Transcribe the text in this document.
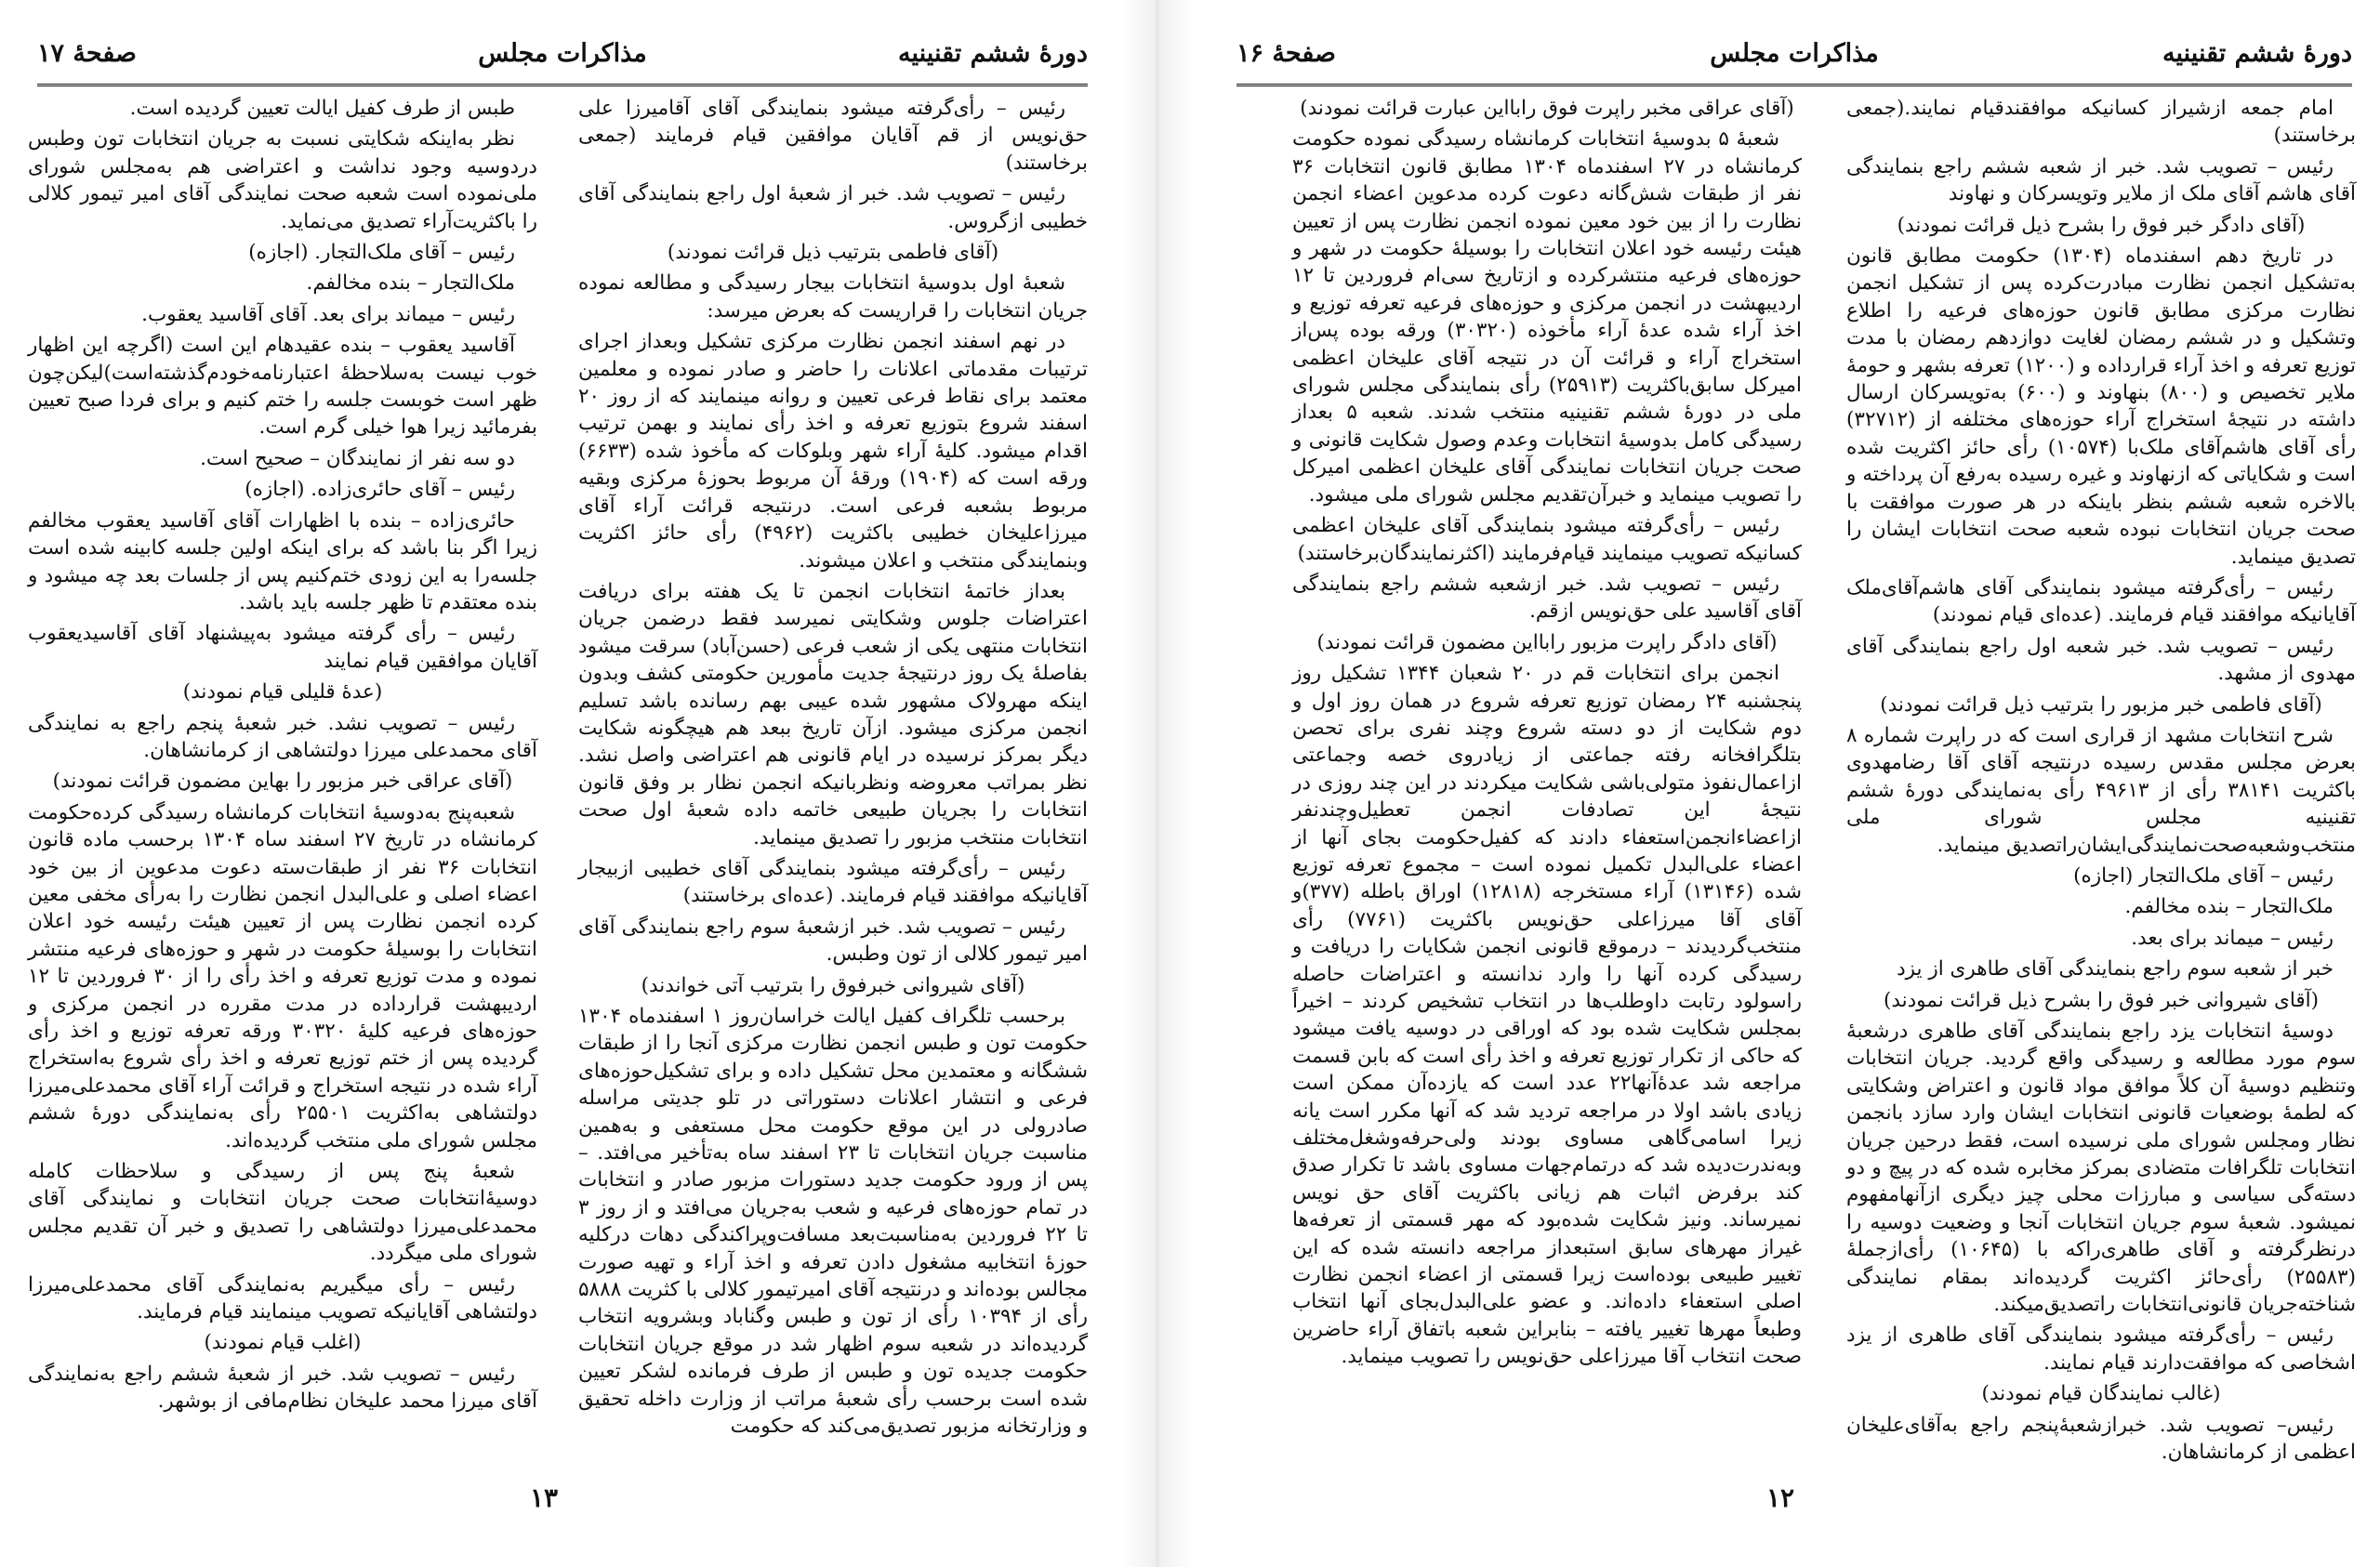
دورهٔ ششم تقنینیه
مذاکرات مجلس
صفحهٔ ۱۷

رئیس – رأی‌گرفته میشود بنمایندگی آقای آقامیرزا علی حق‌نویس از قم آقایان موافقین قیام فرمایند (جمعی برخاستند)

رئیس – تصویب شد. خبر از شعبهٔ اول راجع بنمایندگی آقای خطیبی ازگروس.

(آقای فاطمی بترتیب ذیل قرائت نمودند)

شعبهٔ اول بدوسیهٔ انتخابات بیجار رسیدگی و مطالعه نموده جریان انتخابات را قراریست که بعرض میرسد:

در نهم اسفند انجمن نظارت مرکزی تشکیل وبعداز اجرای ترتیبات مقدماتی اعلانات را حاضر و صادر نموده و معلمین معتمد برای نقاط فرعی تعیین و روانه مینمایند که از روز ۲۰ اسفند شروع بتوزیع تعرفه و اخذ رأی نمایند و بهمن ترتیب اقدام میشود. کلیهٔ آراء شهر وبلوکات که مأخوذ شده (۶۶۳۳) ورقه است که (۱۹۰۴) ورقهٔ آن مربوط بحوزهٔ مرکزی وبقیه مربوط بشعبه فرعی است. درنتیجه قرائت آراء آقای میرزاعلیخان خطیبی باکثریت (۴۹۶۲) رأی حائز اکثریت وبنمایندگی منتخب و اعلان میشوند.

بعداز خاتمهٔ انتخابات انجمن تا یک هفته برای دریافت اعتراضات جلوس وشکایتی نمیرسد فقط درضمن جریان انتخابات منتهی یکی از شعب فرعی (حسن‌آباد) سرقت میشود بفاصلهٔ یک روز درنتیجهٔ جدیت مأمورین حکومتی کشف وبدون اینکه مهرولاک مشهور شده عیبی بهم رسانده باشد تسلیم انجمن مرکزی میشود. ازآن تاریخ ببعد هم هیچگونه شکایت دیگر بمرکز نرسیده در ایام قانونی هم اعتراضی واصل نشد. نظر بمراتب معروضه ونظربانیکه انجمن نظار بر وفق قانون انتخابات را بجریان طبیعی خاتمه داده شعبهٔ اول صحت انتخابات منتخب مزبور را تصدیق مینماید.

رئیس – رأی‌گرفته میشود بنمایندگی آقای خطیبی ازبیجار آقایانیکه موافقند قیام فرمایند. (عده‌ای برخاستند)

رئیس – تصویب شد. خبر ازشعبهٔ سوم راجع بنمایندگی آقای امیر تیمور کلالی از تون وطبس.

(آقای شیروانی خبرفوق را بترتیب آتی خواندند)

برحسب تلگراف کفیل ایالت خراسان‌روز ۱ اسفندماه ۱۳۰۴ حکومت تون و طبس انجمن نظارت مرکزی آنجا را از طبقات ششگانه و معتمدین محل تشکیل داده و برای تشکیل‌حوزه‌های فرعی و انتشار اعلانات دستوراتی در تلو جدیتی مراسله صادرولی در این موقع حکومت محل مستعفی و به‌همین مناسبت جریان انتخابات تا ۲۳ اسفند ساه به‌تأخیر می‌افتد. – پس از ورود حکومت جدید دستورات مزبور صادر و انتخابات در تمام حوزه‌های فرعیه و شعب به‌جریان می‌افتد و از روز ۳ تا ۲۲ فروردین به‌مناسبت‌بعد مسافت‌وپراکندگی دهات درکلیه حوزهٔ انتخابیه مشغول دادن تعرفه و اخذ آراء و تهیه صورت مجالس بوده‌اند و درنتیجه آقای امیرتیمور کلالی با کثریت ۵۸۸۸ رأی از ۱۰۳۹۴ رأی از تون و طبس وگناباد وبشرویه انتخاب گردیده‌اند در شعبه سوم اظهار شد در موقع جریان انتخابات حکومت جدیده تون و طبس از طرف فرمانده لشکر تعیین شده است برحسب رأی شعبهٔ مراتب از وزارت داخله تحقیق و وزارتخانه مزبور تصدیق‌می‌کند که حکومت

طبس از طرف کفیل ایالت تعیین گردیده است.

نظر به‌اینکه شکایتی نسبت به جریان انتخابات تون وطبس دردوسیه وجود نداشت و اعتراضی هم به‌مجلس شورای ملی‌نموده است شعبه صحت نمایندگی آقای امیر تیمور کلالی را باکثریت‌آراء تصدیق می‌نماید.

رئیس – آقای ملک‌التجار. (اجازه)

ملک‌التجار – بنده مخالفم.

رئیس – میماند برای بعد. آقای آقاسید یعقوب.

آقاسید یعقوب – بنده عقیدهام این است (اگرچه این اظهار خوب نیست به‌سلاحظهٔ اعتبارنامه‌خودم‌گذشته‌است)لیکن‌چون ظهر است خوبست جلسه را ختم کنیم و برای فردا صبح تعیین بفرمائید زیرا هوا خیلی گرم است.

دو سه نفر از نمایندگان – صحیح است.

رئیس – آقای حائری‌زاده. (اجازه)

حائری‌زاده – بنده با اظهارات آقای آقاسید یعقوب مخالفم زیرا اگر بنا باشد که برای اینکه اولین جلسه کابینه شده است جلسه‌را به این زودی ختم‌کنیم پس از جلسات بعد چه میشود و بنده معتقدم تا ظهر جلسه باید باشد.

رئیس – رأی گرفته میشود به‌پیشنهاد آقای آقاسیدیعقوب آقایان موافقین قیام نمایند

(عدهٔ قلیلی قیام نمودند)

رئیس – تصویب نشد. خبر شعبهٔ پنجم راجع به نمایندگی آقای محمدعلی میرزا دولتشاهی از کرمانشاهان.

(آقای عراقی خبر مزبور را بهاین مضمون قرائت نمودند)

شعبه‌پنج به‌دوسیهٔ انتخابات کرمانشاه رسیدگی کرده‌حکومت کرمانشاه در تاریخ ۲۷ اسفند ساه ۱۳۰۴ برحسب ماده قانون انتخابات ۳۶ نفر از طبقات‌سته دعوت مدعوین از بین خود اعضاء اصلی و علی‌البدل انجمن نظارت را به‌رأی مخفی معین کرده انجمن نظارت پس از تعیین هیئت رئیسه خود اعلان انتخابات را بوسیلهٔ حکومت در شهر و حوزه‌های فرعیه منتشر نموده و مدت توزیع تعرفه و اخذ رأی را از ۳۰ فروردین تا ۱۲ اردیبهشت قرارداده در مدت مقرره در انجمن مرکزی و حوزه‌های فرعیه کلیهٔ ۳۰۳۲۰ ورقه تعرفه توزیع و اخذ رأی گردیده پس از ختم توزیع تعرفه و اخذ رأی شروع به‌استخراج آراء شده در نتیجه استخراج و قرائت آراء آقای محمدعلی‌میرزا دولتشاهی به‌اکثریت ۲۵۵۰۱ رأی به‌نمایندگی دورهٔ ششم مجلس شورای ملی منتخب گردیده‌اند.

شعبهٔ پنج پس از رسیدگی و سلاحظات کامله دوسیهٔ‌انتخابات صحت جریان انتخابات و نمایندگی آقای محمدعلی‌میرزا دولتشاهی را تصدیق و خبر آن تقدیم مجلس شورای ملی میگردد.

رئیس – رأی میگیریم به‌نمایندگی آقای محمدعلی‌میرزا دولتشاهی آقایانیکه تصویب مینمایند قیام فرمایند.

(اغلب قیام نمودند)

رئیس – تصویب شد. خبر از شعبهٔ ششم راجع به‌نمایندگی آقای میرزا محمد علیخان نظام‌مافی از بوشهر.

۱۳
دورهٔ ششم تقنینیه
مذاکرات مجلس
صفحهٔ ۱۶

امام جمعه ازشیراز کسانیکه موافقندقیام نمایند.(جمعی برخاستند)

رئیس – تصویب شد. خبر از شعبه ششم راجع بنمایندگی آقای هاشم آقای ملک از ملایر وتویسرکان و نهاوند

(آقای دادگر خبر فوق را بشرح ذیل قرائت نمودند)

در تاریخ دهم اسفندماه (۱۳۰۴) حکومت مطابق قانون به‌تشکیل انجمن نظارت مبادرت‌کرده پس از تشکیل انجمن نظارت مرکزی مطابق قانون حوزه‌های فرعیه را اطلاع وتشکیل و در ششم رمضان لغایت دوازدهم رمضان با مدت توزیع تعرفه و اخذ آراء قرارداده و (۱۲۰۰) تعرفه بشهر و حومهٔ ملایر تخصیص و (۸۰۰) بنهاوند و (۶۰۰) به‌تویسرکان ارسال داشته در نتیجهٔ استخراج آراء حوزه‌های مختلفه از (۳۲۷۱۲) رأی آقای هاشم‌آقای ملک‌با (۱۰۵۷۴) رأی حائز اکثریت شده است و شکایاتی که ازنهاوند و غیره رسیده به‌رفع آن پرداخته و بالاخره شعبه ششم بنظر باینکه در هر صورت موافقت با صحت جریان انتخابات نبوده شعبه صحت انتخابات ایشان را تصدیق مینماید.

رئیس – رأی‌گرفته میشود بنمایندگی آقای هاشم‌آقای‌ملک آقایانیکه موافقند قیام فرمایند. (عده‌ای قیام نمودند)

رئیس – تصویب شد. خبر شعبه اول راجع بنمایندگی آقای مهدوی از مشهد.

(آقای فاطمی خبر مزبور را بترتیب ذیل قرائت نمودند)

شرح انتخابات مشهد از قراری است که در راپرت شماره ۸ بعرض مجلس مقدس رسیده درنتیجه آقای آقا رضامهدوی باکثریت ۳۸۱۴۱ رأی از ۴۹۶۱۳ رأی به‌نمایندگی دورهٔ ششم تقنینیه مجلس شورای ملی منتخب‌وشعبه‌صحت‌نمایندگی‌ایشان‌راتصدیق مینماید.

رئیس – آقای ملک‌التجار (اجازه)

ملک‌التجار – بنده مخالفم.

رئیس – میماند برای بعد.

خبر از شعبه سوم راجع بنمایندگی آقای طاهری از یزد

(آقای شیروانی خبر فوق را بشرح ذیل قرائت نمودند)

دوسیهٔ انتخابات یزد راجع بنمایندگی آقای طاهری درشعبهٔ سوم مورد مطالعه و رسیدگی واقع گردید. جریان انتخابات وتنظیم دوسیهٔ آن کلاً موافق مواد قانون و اعتراض وشکایتی که لطمهٔ بوضعیات قانونی انتخابات ایشان وارد سازد بانجمن نظار ومجلس شورای ملی نرسیده است، فقط درحین جریان انتخابات تلگرافات متضادی بمرکز مخابره شده که در پیچ و دو دسته‌گی سیاسی و مبارزات محلی چیز دیگری ازآنهامفهوم نمیشود. شعبهٔ سوم جریان انتخابات آنجا و وضعیت دوسیه را درنظرگرفته و آقای طاهری‌راکه با (۱۰۶۴۵) رأی‌ازجملهٔ (۲۵۵۸۳) رأی‌حائز اکثریت گردیده‌اند بمقام نمایندگی شناخته‌جریان قانونی‌انتخابات راتصدیق‌میکند.

رئیس – رأی‌گرفته میشود بنمایندگی آقای طاهری از یزد اشخاصی که موافقت‌دارند قیام نمایند.

(غالب نمایندگان قیام نمودند)

رئیس– تصویب شد. خبرازشعبهٔ‌پنجم راجع به‌آقای‌علیخان اعظمی از کرمانشاهان.

(آقای عراقی مخبر راپرت فوق رابااین عبارت قرائت نمودند)

شعبهٔ ۵ بدوسیهٔ انتخابات کرمانشاه رسیدگی نموده حکومت کرمانشاه در ۲۷ اسفندماه ۱۳۰۴ مطابق قانون انتخابات ۳۶ نفر از طبقات شش‌گانه دعوت کرده مدعوین اعضاء انجمن نظارت را از بین خود معین نموده انجمن نظارت پس از تعیین هیئت رئیسه خود اعلان انتخابات را بوسیلهٔ حکومت در شهر و حوزه‌های فرعیه منتشرکرده و ازتاریخ سی‌ام فروردین تا ۱۲ اردیبهشت در انجمن مرکزی و حوزه‌های فرعیه تعرفه توزیع و اخذ آراء شده عدهٔ آراء مأخوذه (۳۰۳۲۰) ورقه بوده پس‌از استخراج آراء و قرائت آن در نتیجه آقای علیخان اعظمی امیرکل سابق‌باکثریت (۲۵۹۱۳) رأی بنمایندگی مجلس شورای ملی در دورهٔ ششم تقنینیه منتخب شدند. شعبه ۵ بعداز رسیدگی کامل بدوسیهٔ انتخابات وعدم وصول شکایت قانونی و صحت جریان انتخابات نمایندگی آقای علیخان اعظمی امیرکل را تصویب مینماید و خبرآن‌تقدیم مجلس شورای ملی میشود.

رئیس – رأی‌گرفته میشود بنمایندگی آقای علیخان اعظمی کسانیکه تصویب مینمایند قیام‌فرمایند (اکثرنمایندگان‌برخاستند)

رئیس – تصویب شد. خبر ازشعبه ششم راجع بنمایندگی آقای آقاسید علی حق‌نویس ازقم.

(آقای دادگر راپرت مزبور رابااین مضمون قرائت نمودند)

انجمن برای انتخابات قم در ۲۰ شعبان ۱۳۴۴ تشکیل روز پنجشنبه ۲۴ رمضان توزیع تعرفه شروع در همان روز اول و دوم شکایت از دو دسته شروع وچند نفری برای تحصن بتلگرافخانه رفته جماعتی از زیادروی خصه وجماعتی ازاعمال‌نفوذ متولی‌باشی شکایت میکردند در این چند روزی در نتیجهٔ این تصادفات انجمن تعطیل‌وچندنفر ازاعضاءانجمن‌استعفاء دادند که کفیل‌حکومت بجای آنها از اعضاء علی‌البدل تکمیل نموده است – مجموع تعرفه توزیع شده (۱۳۱۴۶) آراء مستخرجه (۱۲۸۱۸) اوراق باطله (۳۷۷)و آقای آقا میرزاعلی حق‌نویس باکثریت (۷۷۶۱) رأی منتخب‌گردیدند – درموقع قانونی انجمن شکایات را دریافت و رسیدگی کرده آنها را وارد ندانسته و اعتراضات حاصله راسولود رتابت داوطلب‌ها در انتخاب تشخیص کردند – اخیراً بمجلس شکایت شده بود که اوراقی در دوسیه یافت میشود که حاکی از تکرار توزیع تعرفه و اخذ رأی است که بابن قسمت مراجعه شد عدهٔ‌آنها۲۲ عدد است که یازده‌آن ممکن است زیادی باشد اولا در مراجعه تردید شد که آنها مکرر است یانه زیرا اسامی‌گاهی مساوی بودند ولی‌حرفه‌وشغل‌مختلف وبه‌ندرت‌دیده شد که درتمام‌جهات مساوی باشد تا تکرار صدق کند برفرض اثبات هم زیانی باکثریت آقای حق نویس نمیرساند. ونیز شکایت شده‌بود که مهر قسمتی از تعرفه‌ها غیراز مهرهای سابق استبعداز مراجعه دانسته شده که این تغییر طبیعی بوده‌است زیرا قسمتی از اعضاء انجمن نظارت اصلی استعفاء داده‌اند. و عضو علی‌البدل‌بجای آنها انتخاب وطبعاً مهرها تغییر یافته – بنابراین شعبه باتفاق آراء حاضرین صحت انتخاب آقا میرزاعلی حق‌نویس را تصویب مینماید.

۱۲
